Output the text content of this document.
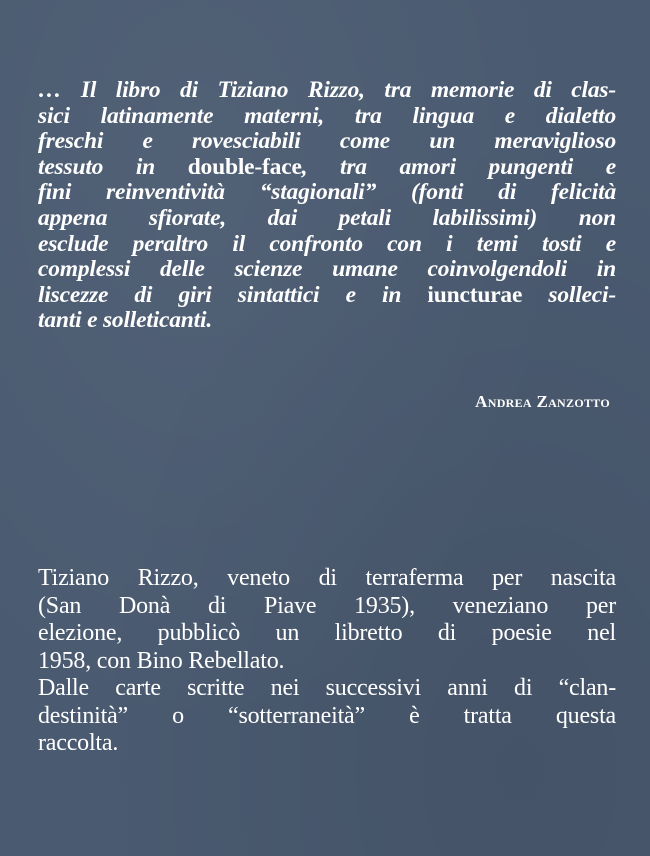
… Il libro di Tiziano Rizzo, tra memorie di clas-
sici latinamente materni, tra lingua e dialetto
freschi e rovesciabili come un meraviglioso
tessuto in double-face, tra amori pungenti e
fini reinventività “stagionali” (fonti di felicità
appena sfiorate, dai petali labilissimi) non
esclude peraltro il confronto con i temi tosti e
complessi delle scienze umane coinvolgendoli in
liscezze di giri sintattici e in iuncturae solleci-
tanti e solleticanti.
Andrea Zanzotto
Tiziano Rizzo, veneto di terraferma per nascita
(San Donà di Piave 1935), veneziano per
elezione, pubblicò un libretto di poesie nel
1958, con Bino Rebellato.
Dalle carte scritte nei successivi anni di “clan-
destinità” o “sotterraneità” è tratta questa
raccolta.
